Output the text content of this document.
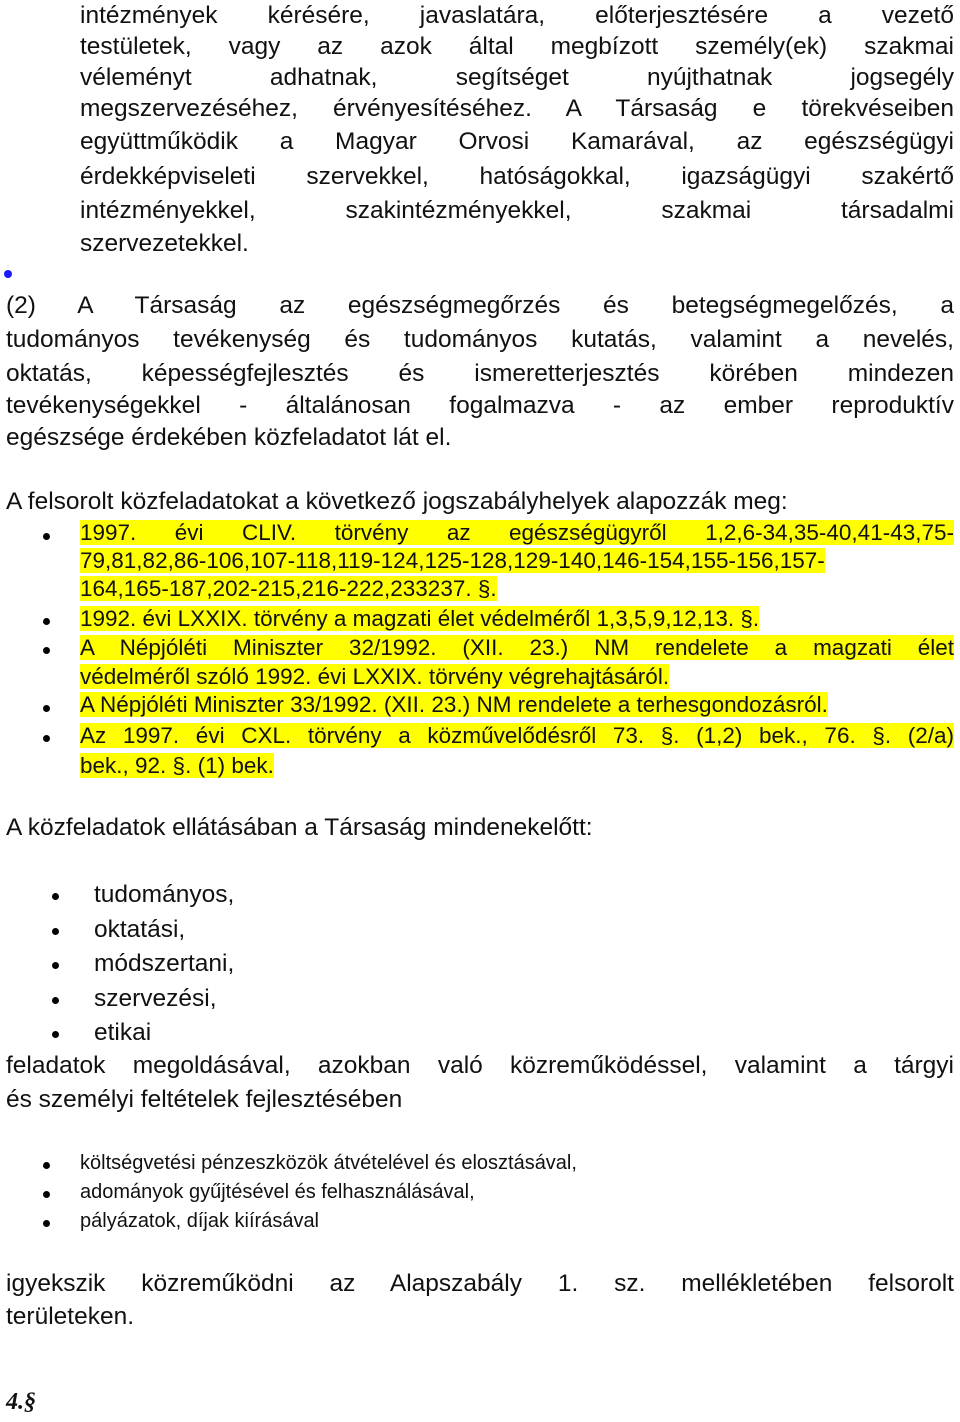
intézmények kérésére, javaslatára, előterjesztésére a vezető
testületek, vagy az azok által megbízott személy(ek) szakmai
véleményt adhatnak, segítséget nyújthatnak jogsegély
megszervezéséhez, érvényesítéséhez. A Társaság e törekvéseiben
együttműködik a Magyar Orvosi Kamarával, az egészségügyi
érdekképviseleti szervekkel, hatóságokkal, igazságügyi szakértő
intézményekkel, szakintézményekkel, szakmai társadalmi
szervezetekkel.
(2) A Társaság az egészségmegőrzés és betegségmegelőzés, a
tudományos tevékenység és tudományos kutatás, valamint a nevelés,
oktatás, képességfejlesztés és ismeretterjesztés körében mindezen
tevékenységekkel - általánosan fogalmazva - az ember reproduktív
egészsége érdekében közfeladatot lát el.
A felsorolt közfeladatokat a következő jogszabályhelyek alapozzák meg:
1997. évi CLIV. törvény az egészségügyről 1,2,6-34,35-40,41-43,75-
79,81,82,86-106,107-118,119-124,125-128,129-140,146-154,155-156,157-
164,165-187,202-215,216-222,233237. §.
1992. évi LXXIX. törvény a magzati élet védelméről 1,3,5,9,12,13. §.
A Népjóléti Miniszter 32/1992. (XII. 23.) NM rendelete a magzati élet
védelméről szóló 1992. évi LXXIX. törvény végrehajtásáról.
A Népjóléti Miniszter 33/1992. (XII. 23.) NM rendelete a terhesgondozásról.
Az 1997. évi CXL. törvény a közművelődésről 73. §. (1,2) bek., 76. §. (2/a)
bek., 92. §. (1) bek.
A közfeladatok ellátásában a Társaság mindenekelőtt:
tudományos,
oktatási,
módszertani,
szervezési,
etikai
feladatok megoldásával, azokban való közreműködéssel, valamint a tárgyi
és személyi feltételek fejlesztésében
költségvetési pénzeszközök átvételével és elosztásával,
adományok gyűjtésével és felhasználásával,
pályázatok, díjak kiírásával
igyekszik közreműködni az Alapszabály 1. sz. mellékletében felsorolt
területeken.
4.§
